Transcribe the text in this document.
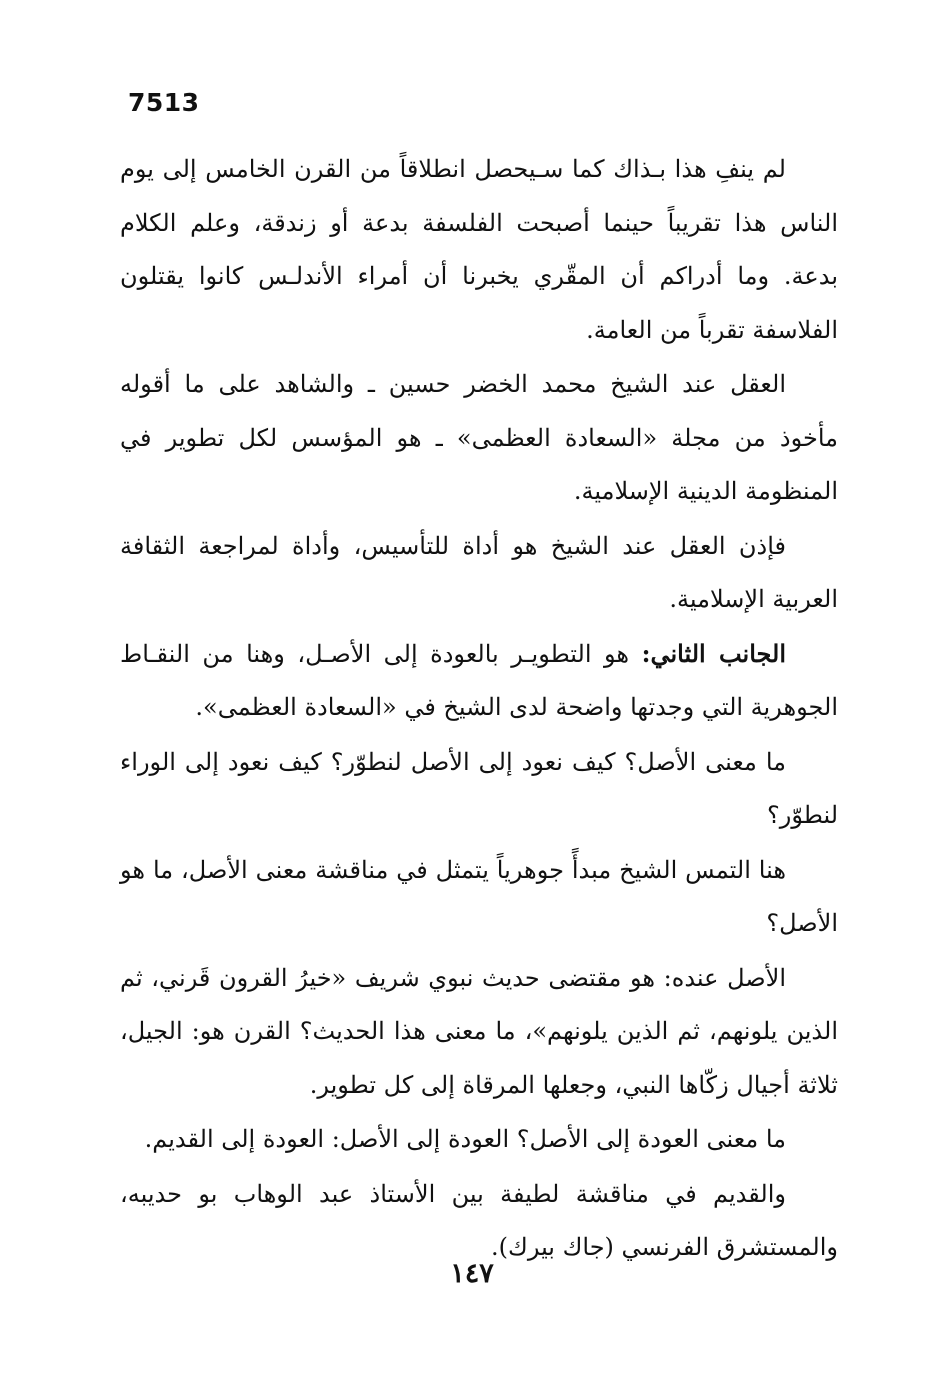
7513

لم ينفِ هذا بـذاك كما سـيحصل انطلاقاً من القرن الخامس إلى يوم الناس هذا تقريباً حينما أصبحت الفلسفة بدعة أو زندقة، وعلم الكلام بدعة. وما أدراكم أن المقّري يخبرنا أن أمراء الأندلـس كانوا يقتلون الفلاسفة تقرباً من العامة.

العقل عند الشيخ محمد الخضر حسين ـ والشاهد على ما أقوله مأخوذ من مجلة «السعادة العظمى» ـ هو المؤسس لكل تطوير في المنظومة الدينية الإسلامية.

فإذن العقل عند الشيخ هو أداة للتأسيس، وأداة لمراجعة الثقافة العربية الإسلامية.

الجانب الثاني: هو التطويـر بالعودة إلى الأصـل، وهنا من النقـاط الجوهرية التي وجدتها واضحة لدى الشيخ في «السعادة العظمى».

ما معنى الأصل؟ كيف نعود إلى الأصل لنطوّر؟ كيف نعود إلى الوراء لنطوّر؟

هنا التمس الشيخ مبدأً جوهرياً يتمثل في مناقشة معنى الأصل، ما هو الأصل؟

الأصل عنده: هو مقتضى حديث نبوي شريف «خيرُ القرون قَرني، ثم الذين يلونهم، ثم الذين يلونهم»، ما معنى هذا الحديث؟ القرن هو: الجيل، ثلاثة أجيال زكّاها النبي، وجعلها المرقاة إلى كل تطوير.

ما معنى العودة إلى الأصل؟ العودة إلى الأصل: العودة إلى القديم.

والقديم في مناقشة لطيفة بين الأستاذ عبد الوهاب بو حديبه، والمستشرق الفرنسي (جاك بيرك).

١٤٧
